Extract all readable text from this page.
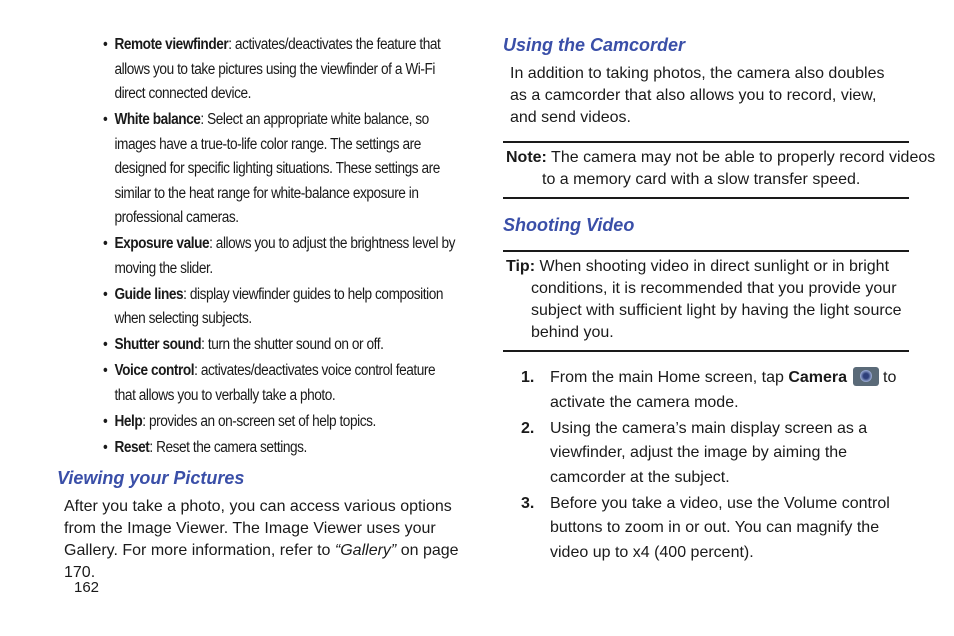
• Remote viewfinder: activates/deactivates the feature that allows you to take pictures using the viewfinder of a Wi-Fi direct connected device.
• White balance: Select an appropriate white balance, so images have a true-to-life color range. The settings are designed for specific lighting situations. These settings are similar to the heat range for white-balance exposure in professional cameras.
• Exposure value: allows you to adjust the brightness level by moving the slider.
• Guide lines: display viewfinder guides to help composition when selecting subjects.
• Shutter sound: turn the shutter sound on or off.
• Voice control: activates/deactivates voice control feature that allows you to verbally take a photo.
• Help: provides an on-screen set of help topics.
• Reset: Reset the camera settings.
Viewing your Pictures
After you take a photo, you can access various options from the Image Viewer. The Image Viewer uses your Gallery. For more information, refer to “Gallery” on page 170.
162
Using the Camcorder
In addition to taking photos, the camera also doubles as a camcorder that also allows you to record, view, and send videos.
Note: The camera may not be able to properly record videos to a memory card with a slow transfer speed.
Shooting Video
Tip: When shooting video in direct sunlight or in bright conditions, it is recommended that you provide your subject with sufficient light by having the light source behind you.
1. From the main Home screen, tap Camera to activate the camera mode.
2. Using the camera’s main display screen as a viewfinder, adjust the image by aiming the camcorder at the subject.
3. Before you take a video, use the Volume control buttons to zoom in or out. You can magnify the video up to x4 (400 percent).
